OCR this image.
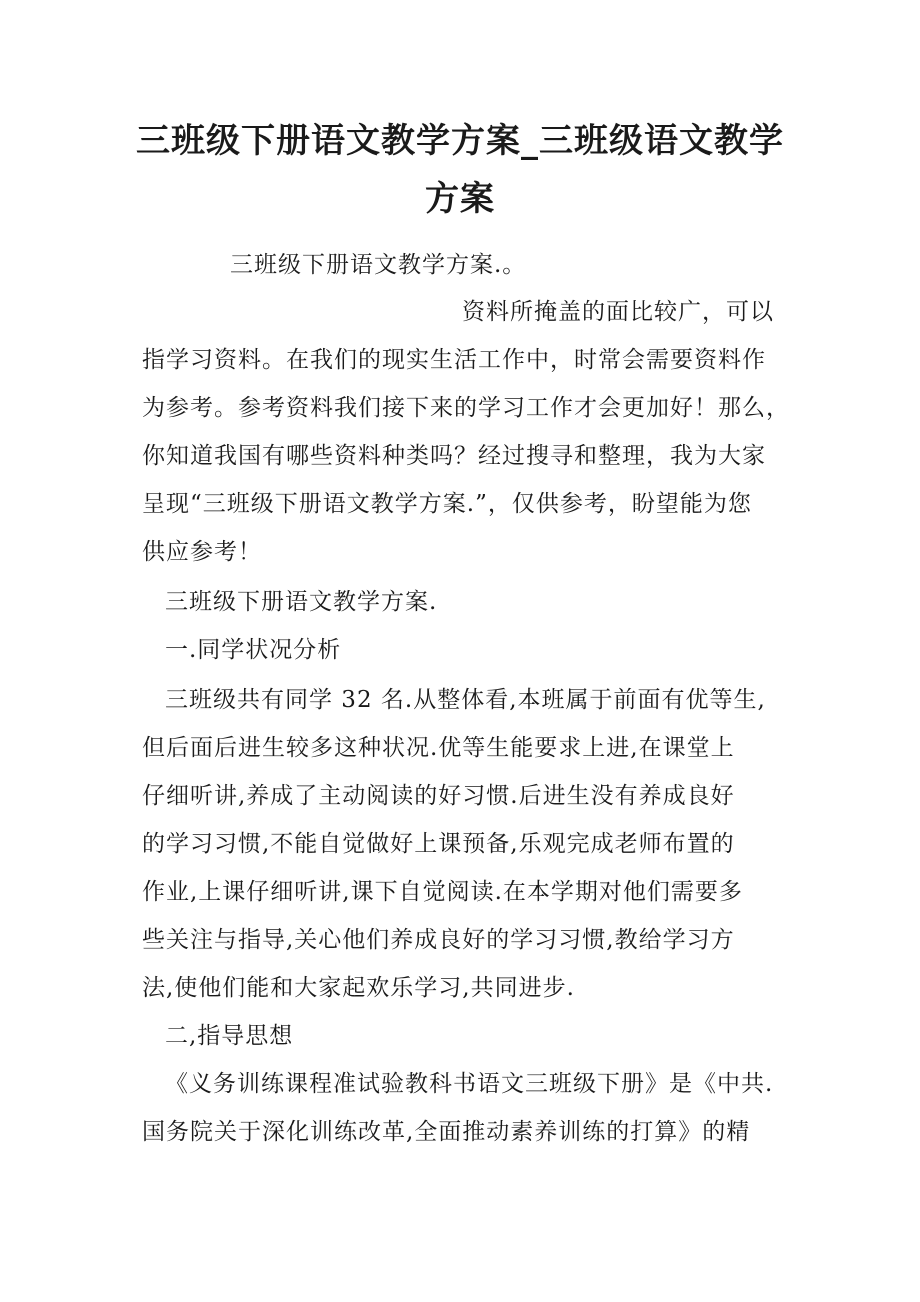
三班级下册语文教学方案_三班级语文教学
方案

三班级下册语文教学方案.。

资料所掩盖的面比较广，可以
指学习资料。在我们的现实生活工作中，时常会需要资料作
为参考。参考资料我们接下来的学习工作才会更加好！那么，
你知道我国有哪些资料种类吗？经过搜寻和整理，我为大家
呈现“三班级下册语文教学方案.”，仅供参考，盼望能为您
供应参考！

三班级下册语文教学方案.

一.同学状况分析

三班级共有同学 32 名.从整体看,本班属于前面有优等生,
但后面后进生较多这种状况.优等生能要求上进,在课堂上
仔细听讲,养成了主动阅读的好习惯.后进生没有养成良好
的学习习惯,不能自觉做好上课预备,乐观完成老师布置的
作业,上课仔细听讲,课下自觉阅读.在本学期对他们需要多
些关注与指导,关心他们养成良好的学习习惯,教给学习方
法,使他们能和大家起欢乐学习,共同进步.

二,指导思想

《义务训练课程准试验教科书语文三班级下册》是《中共.
国务院关于深化训练改革,全面推动素养训练的打算》的精
